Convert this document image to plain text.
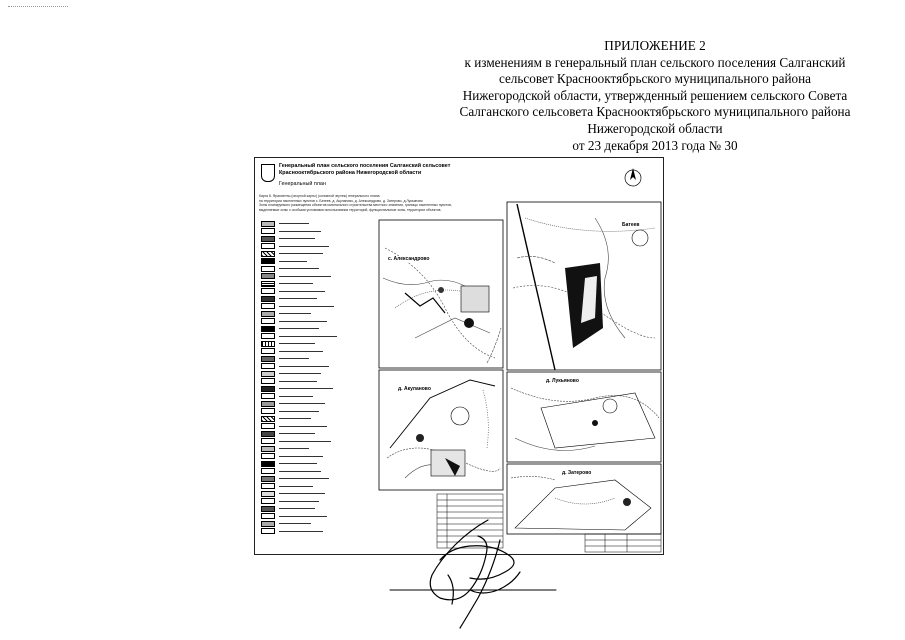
ПРИЛОЖЕНИЕ 2
к изменениям в генеральный план сельского поселения Салганский
сельсовет Краснооктябрьского муниципального района
Нижегородской области, утвержденный решением сельского Совета
Салганского сельсовета Краснооктябрьского муниципального района
Нижегородской области
от 23 декабря 2013 года № 30
Генеральный план сельского поселения Салганский сельсовет
Краснооктябрьского района Нижегородской области
Генеральный план
Карта 8. Фрагменты (опорной карты) (основной чертеж) генерального плана
на территории населенных пунктов с. Батеев, д. Акуланово, д. Александрово, д. Затерово, д.Лукьяново
Зоны планируемого размещения объектов капитального строительства местного значения, границы населенных пунктов,
выделяемые зоны с особыми условиями использования территорий, функциональные зоны, территории объектов.
с. Александрово
д. Акуланово
Батеев
д. Лукьяново
д. Затерово
